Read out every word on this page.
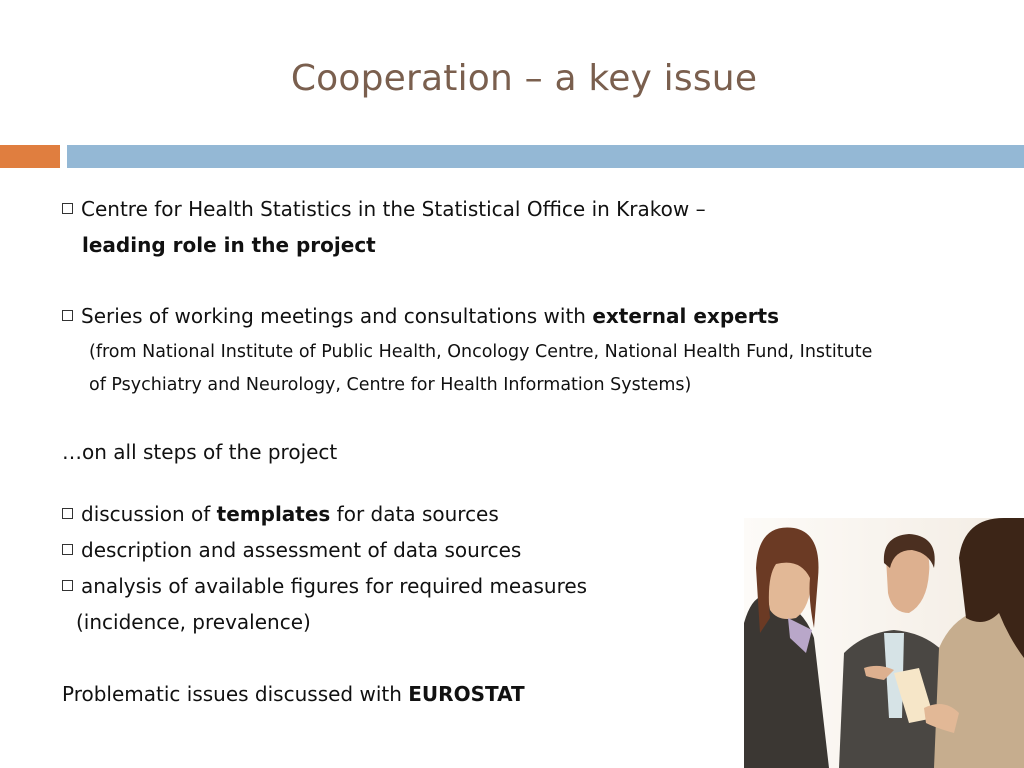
Cooperation – a key issue
Centre for Health Statistics in the Statistical Office in Krakow –
leading role in the project
Series of working meetings and consultations with external experts
(from National Institute of Public Health, Oncology Centre, National Health Fund, Institute
of Psychiatry and Neurology, Centre for Health Information Systems)
…on all steps of the project
discussion of templates for data sources
description and assessment of data sources
analysis of available figures for required measures
(incidence, prevalence)
Problematic issues discussed with EUROSTAT
